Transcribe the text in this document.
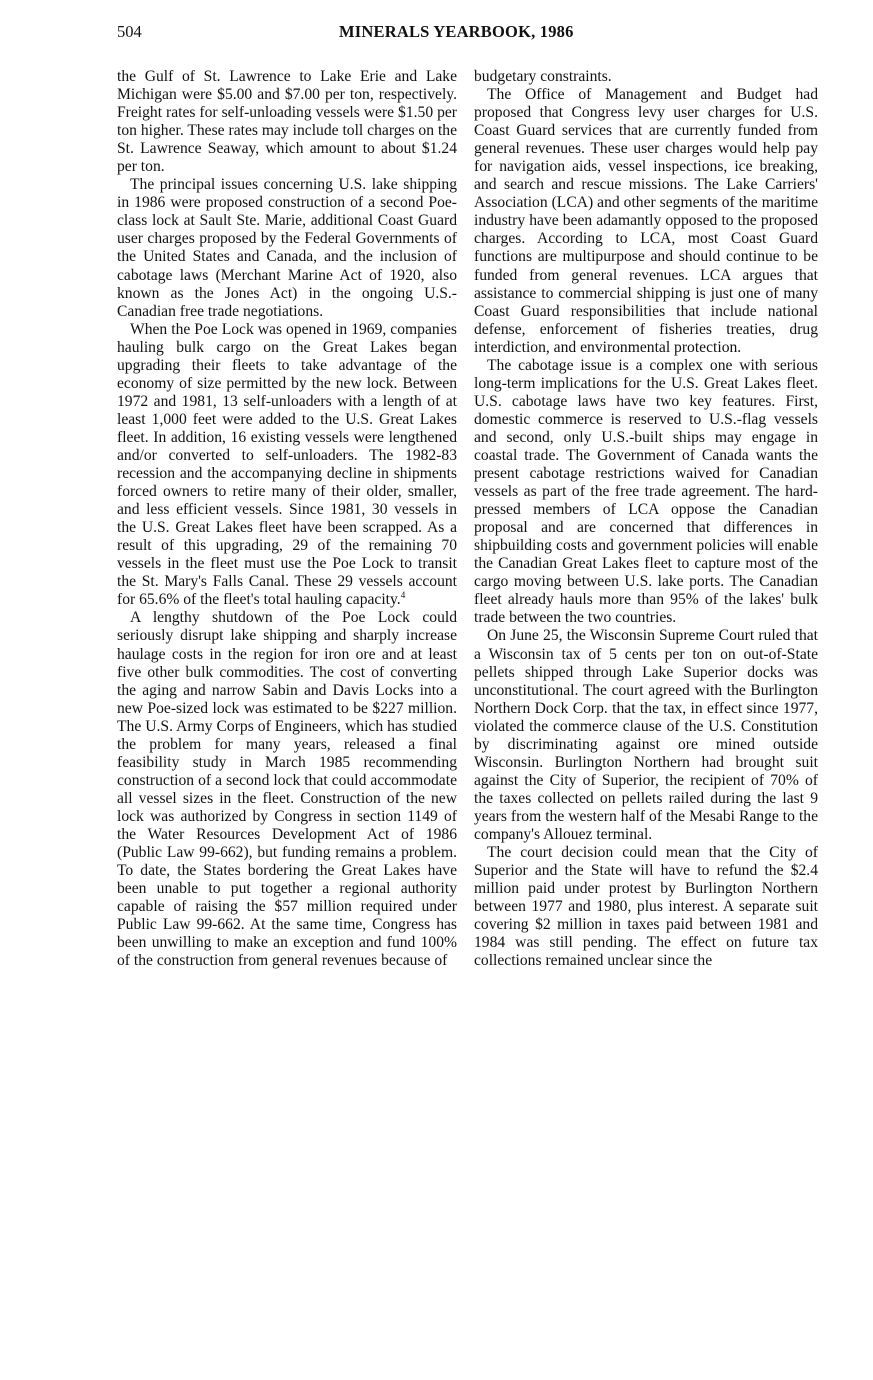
504	MINERALS YEARBOOK, 1986

the Gulf of St. Lawrence to Lake Erie and Lake Michigan were $5.00 and $7.00 per ton, respectively. Freight rates for self-unloading vessels were $1.50 per ton higher. These rates may include toll charges on the St. Lawrence Seaway, which amount to about $1.24 per ton.

The principal issues concerning U.S. lake shipping in 1986 were proposed construction of a second Poe-class lock at Sault Ste. Marie, additional Coast Guard user charges proposed by the Federal Governments of the United States and Canada, and the inclusion of cabotage laws (Merchant Marine Act of 1920, also known as the Jones Act) in the ongoing U.S.-Canadian free trade negotiations.

When the Poe Lock was opened in 1969, companies hauling bulk cargo on the Great Lakes began upgrading their fleets to take advantage of the economy of size permitted by the new lock. Between 1972 and 1981, 13 self-unloaders with a length of at least 1,000 feet were added to the U.S. Great Lakes fleet. In addition, 16 existing vessels were lengthened and/or converted to self-unloaders. The 1982-83 recession and the accompanying decline in shipments forced owners to retire many of their older, smaller, and less efficient vessels. Since 1981, 30 vessels in the U.S. Great Lakes fleet have been scrapped. As a result of this upgrading, 29 of the remaining 70 vessels in the fleet must use the Poe Lock to transit the St. Mary's Falls Canal. These 29 vessels account for 65.6% of the fleet's total hauling capacity.$^4$

A lengthy shutdown of the Poe Lock could seriously disrupt lake shipping and sharply increase haulage costs in the region for iron ore and at least five other bulk commodities. The cost of converting the aging and narrow Sabin and Davis Locks into a new Poe-sized lock was estimated to be $227 million. The U.S. Army Corps of Engineers, which has studied the problem for many years, released a final feasibility study in March 1985 recommending construction of a second lock that could accommodate all vessel sizes in the fleet. Construction of the new lock was authorized by Congress in section 1149 of the Water Resources Development Act of 1986 (Public Law 99-662), but funding remains a problem. To date, the States bordering the Great Lakes have been unable to put together a regional authority capable of raising the $57 million required under Public Law 99-662. At the same time, Congress has been unwilling to make an exception and fund 100% of the construction from general revenues because of

budgetary constraints.

The Office of Management and Budget had proposed that Congress levy user charges for U.S. Coast Guard services that are currently funded from general revenues. These user charges would help pay for navigation aids, vessel inspections, ice breaking, and search and rescue missions. The Lake Carriers' Association (LCA) and other segments of the maritime industry have been adamantly opposed to the proposed charges. According to LCA, most Coast Guard functions are multipurpose and should continue to be funded from general revenues. LCA argues that assistance to commercial shipping is just one of many Coast Guard responsibilities that include national defense, enforcement of fisheries treaties, drug interdiction, and environmental protection.

The cabotage issue is a complex one with serious long-term implications for the U.S. Great Lakes fleet. U.S. cabotage laws have two key features. First, domestic commerce is reserved to U.S.-flag vessels and second, only U.S.-built ships may engage in coastal trade. The Government of Canada wants the present cabotage restrictions waived for Canadian vessels as part of the free trade agreement. The hard-pressed members of LCA oppose the Canadian proposal and are concerned that differences in shipbuilding costs and government policies will enable the Canadian Great Lakes fleet to capture most of the cargo moving between U.S. lake ports. The Canadian fleet already hauls more than 95% of the lakes' bulk trade between the two countries.

On June 25, the Wisconsin Supreme Court ruled that a Wisconsin tax of 5 cents per ton on out-of-State pellets shipped through Lake Superior docks was unconstitutional. The court agreed with the Burlington Northern Dock Corp. that the tax, in effect since 1977, violated the commerce clause of the U.S. Constitution by discriminating against ore mined outside Wisconsin. Burlington Northern had brought suit against the City of Superior, the recipient of 70% of the taxes collected on pellets railed during the last 9 years from the western half of the Mesabi Range to the company's Allouez terminal.

The court decision could mean that the City of Superior and the State will have to refund the $2.4 million paid under protest by Burlington Northern between 1977 and 1980, plus interest. A separate suit covering $2 million in taxes paid between 1981 and 1984 was still pending. The effect on future tax collections remained unclear since the
